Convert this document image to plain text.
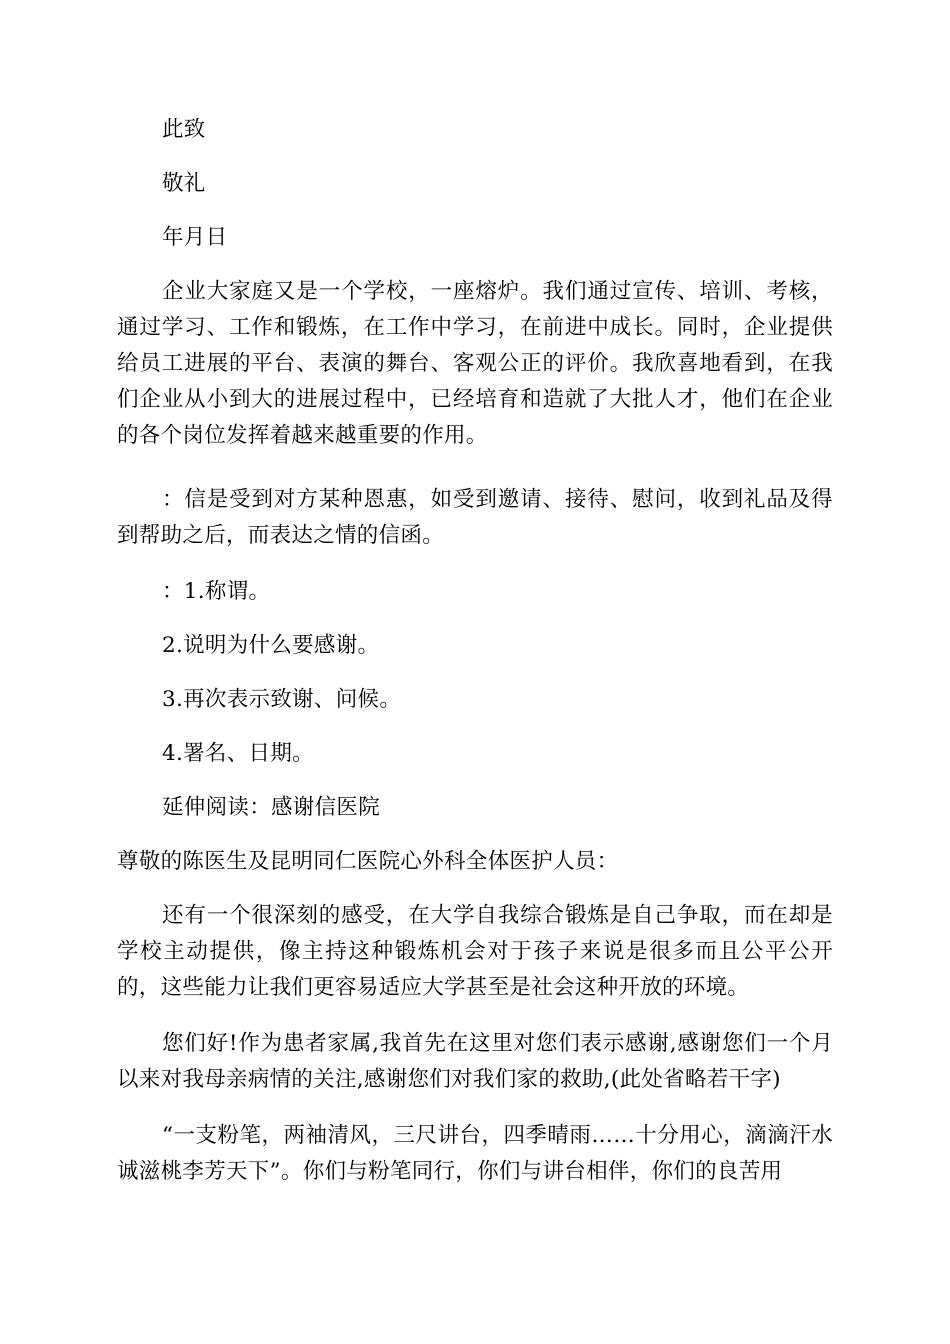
此致

敬礼

年月日

企业大家庭又是一个学校，一座熔炉。我们通过宣传、培训、考核，通过学习、工作和锻炼，在工作中学习，在前进中成长。同时，企业提供给员工进展的平台、表演的舞台、客观公正的评价。我欣喜地看到，在我们企业从小到大的进展过程中，已经培育和造就了大批人才，他们在企业的各个岗位发挥着越来越重要的作用。

：信是受到对方某种恩惠，如受到邀请、接待、慰问，收到礼品及得到帮助之后，而表达之情的信函。

：1.称谓。

2.说明为什么要感谢。

3.再次表示致谢、问候。

4.署名、日期。

延伸阅读：感谢信医院

尊敬的陈医生及昆明同仁医院心外科全体医护人员：

还有一个很深刻的感受，在大学自我综合锻炼是自己争取，而在却是学校主动提供，像主持这种锻炼机会对于孩子来说是很多而且公平公开的，这些能力让我们更容易适应大学甚至是社会这种开放的环境。

您们好!作为患者家属,我首先在这里对您们表示感谢,感谢您们一个月以来对我母亲病情的关注,感谢您们对我们家的救助,(此处省略若干字)

“一支粉笔，两袖清风，三尺讲台，四季晴雨……十分用心，滴滴汗水诚滋桃李芳天下”。你们与粉笔同行，你们与讲台相伴，你们的良苦用
